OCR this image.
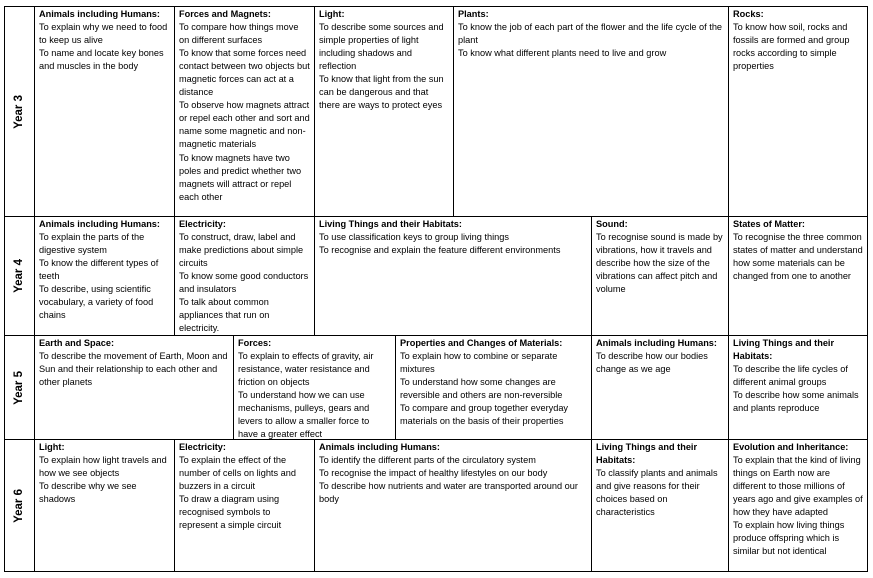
Year 3
Animals including Humans:
To explain why we need to food to keep us alive
To name and locate key bones and muscles in the body
Forces and Magnets:
To compare how things move on different surfaces
To know that some forces need contact between two objects but magnetic forces can act at a distance
To observe how magnets attract or repel each other and sort and name some magnetic and non-magnetic materials
To know magnets have two poles and predict whether two magnets will attract or repel each other
Light:
To describe some sources and simple properties of light including shadows and reflection
To know that light from the sun can be dangerous and that there are ways to protect eyes
Plants:
To know the job of each part of the flower and the life cycle of the plant
To know what different plants need to live and grow
Rocks:
To know how soil, rocks and fossils are formed and group rocks according to simple properties
Year 4
Animals including Humans:
To explain the parts of the digestive system
To know the different types of teeth
To describe, using scientific vocabulary, a variety of food chains
Electricity:
To construct, draw, label and make predictions about simple circuits
To know some good conductors and insulators
To talk about common appliances that run on electricity.
Living Things and their Habitats:
To use classification keys to group living things
To recognise and explain the feature different environments
Sound:
To recognise sound is made by vibrations, how it travels and describe how the size of the vibrations can affect pitch and volume
States of Matter:
To recognise the three common states of matter and understand how some materials can be changed from one to another
Year 5
Earth and Space:
To describe the movement of Earth, Moon and Sun and their relationship to each other and other planets
Forces:
To explain to effects of gravity, air resistance, water resistance and friction on objects
To understand how we can use mechanisms, pulleys, gears and levers to allow a smaller force to have a greater effect
Properties and Changes of Materials:
To explain how to combine or separate mixtures
To understand how some changes are reversible and others are non-reversible
To compare and group together everyday materials on the basis of their properties
Animals including Humans:
To describe how our bodies change as we age
Living Things and their Habitats:
To describe the life cycles of different animal groups
To describe how some animals and plants reproduce
Year 6
Light:
To explain how light travels and how we see objects
To describe why we see shadows
Electricity:
To explain the effect of the number of cells on lights and buzzers in a circuit
To draw a diagram using recognised symbols to represent a simple circuit
Animals including Humans:
To identify the different parts of the circulatory system
To recognise the impact of healthy lifestyles on our body
To describe how nutrients and water are transported around our body
Living Things and their Habitats:
To classify plants and animals and give reasons for their choices based on characteristics
Evolution and Inheritance:
To explain that the kind of living things on Earth now are different to those millions of years ago and give examples of how they have adapted
To explain how living things produce offspring which is similar but not identical
